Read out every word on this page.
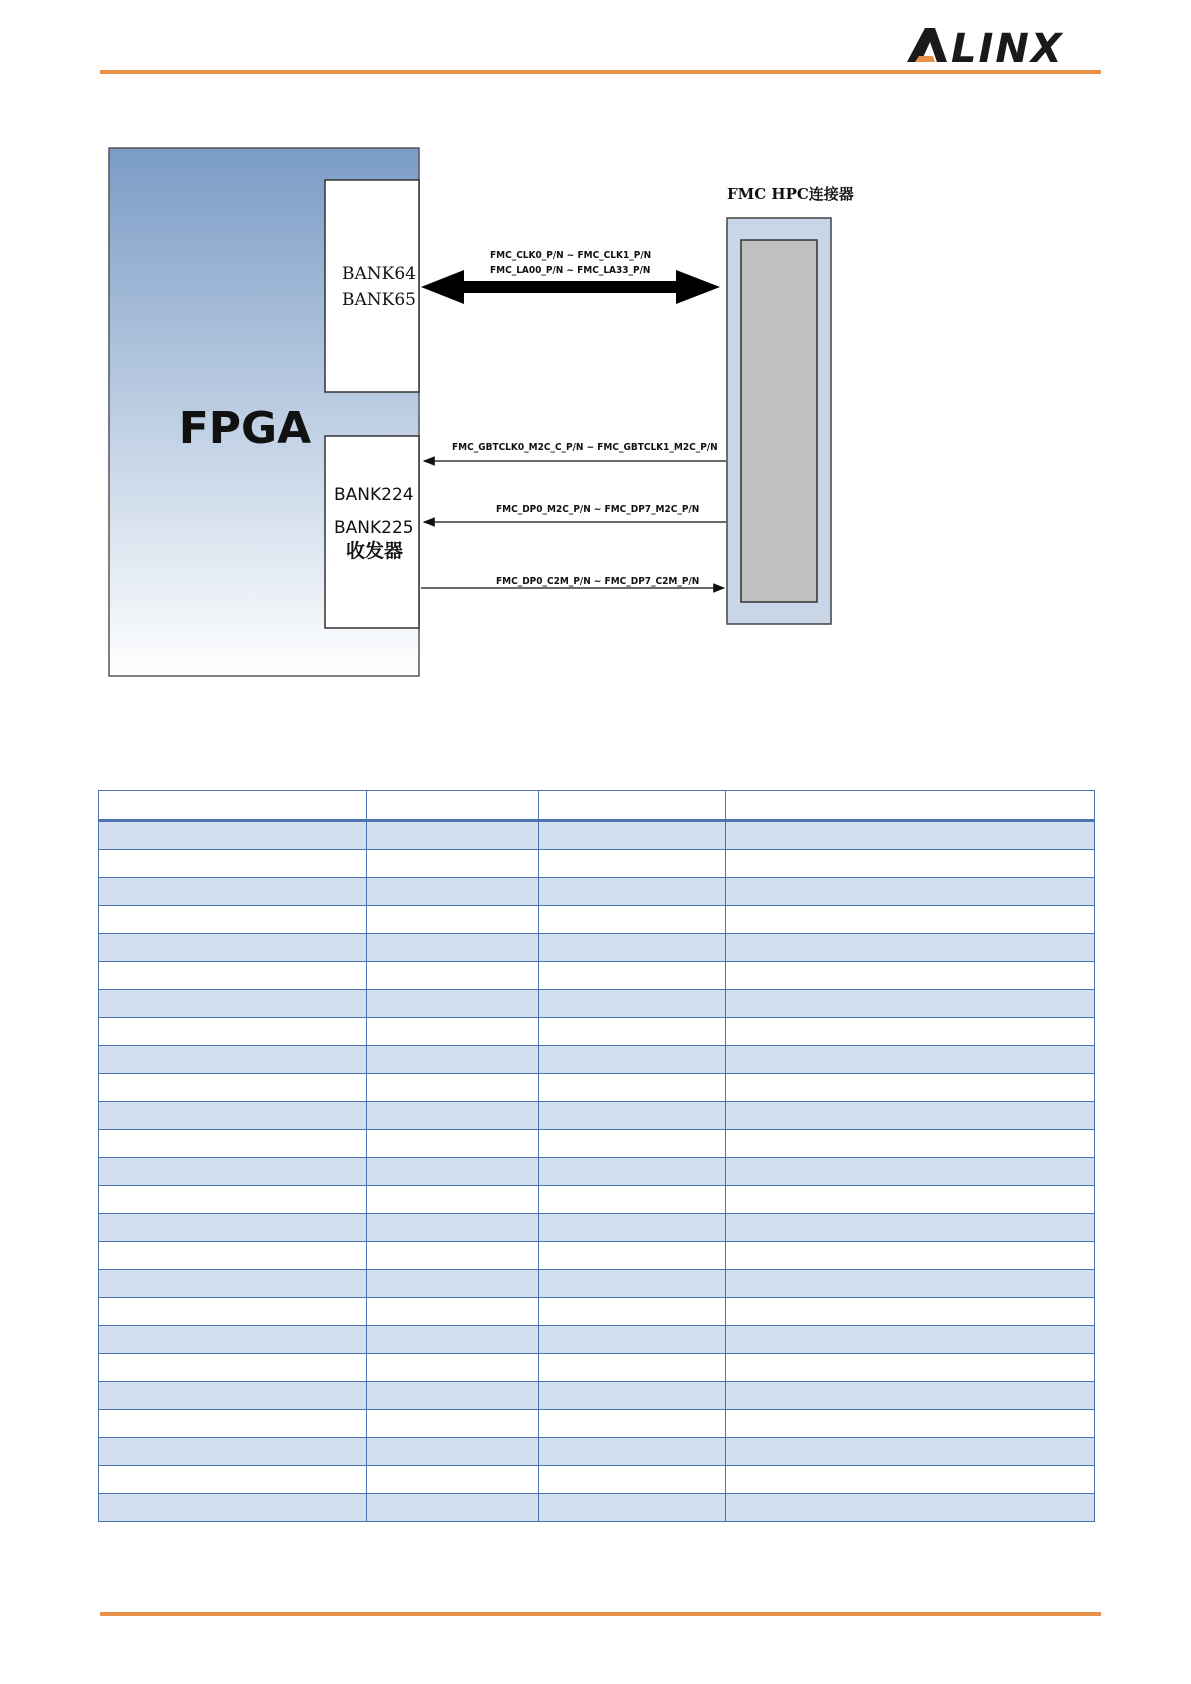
LINX
FPGA
BANK64
BANK65
BANK224
BANK225
收发器
FMC HPC连接器
FMC_CLK0_P/N ~ FMC_CLK1_P/N
FMC_LA00_P/N ~ FMC_LA33_P/N
FMC_GBTCLK0_M2C_C_P/N ~ FMC_GBTCLK1_M2C_P/N
FMC_DP0_M2C_P/N ~ FMC_DP7_M2C_P/N
FMC_DP0_C2M_P/N ~ FMC_DP7_C2M_P/N
